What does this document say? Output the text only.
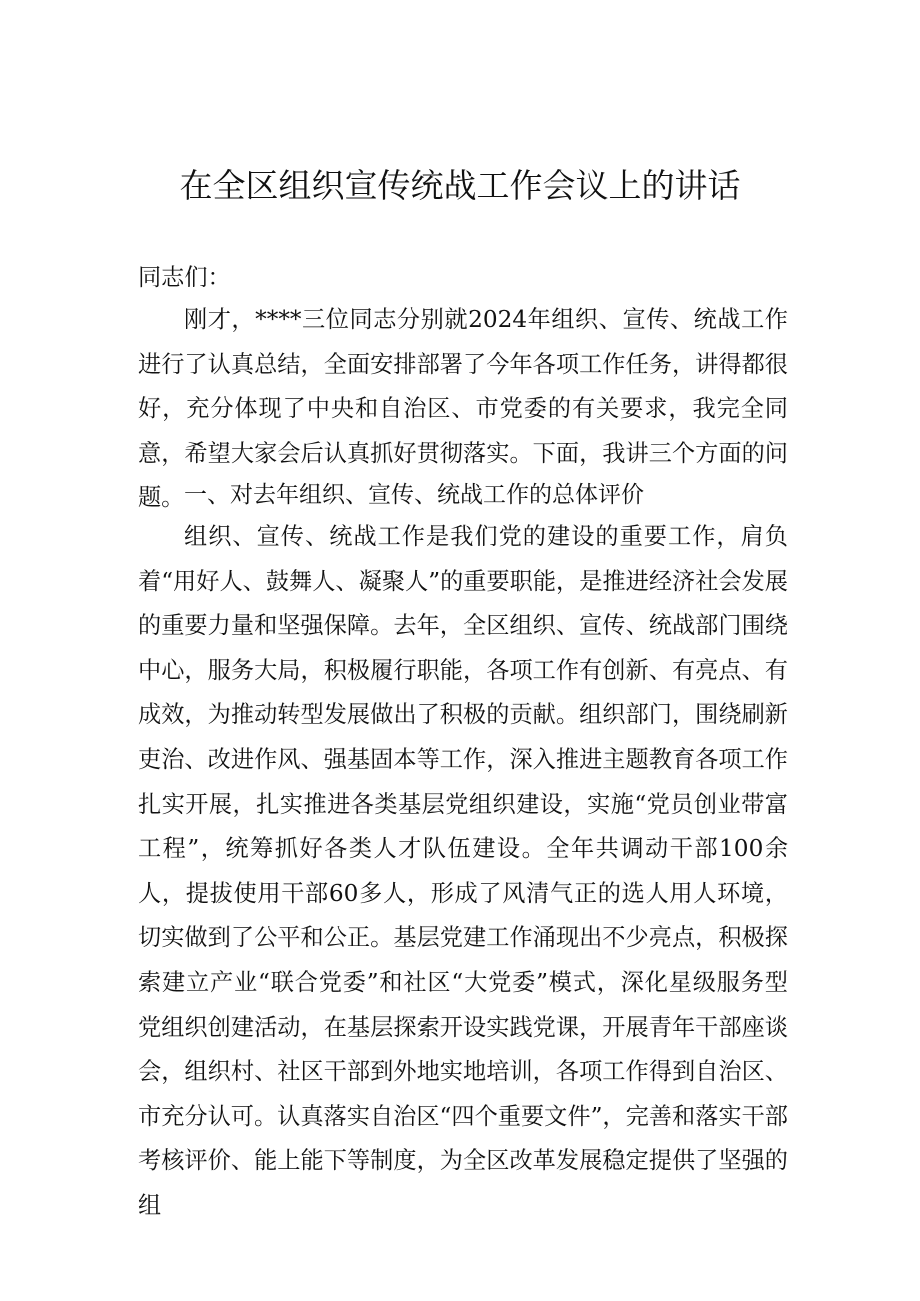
在全区组织宣传统战工作会议上的讲话

同志们：

刚才，****三位同志分别就2024年组织、宣传、统战工作进行了认真总结，全面安排部署了今年各项工作任务，讲得都很好，充分体现了中央和自治区、市党委的有关要求，我完全同意，希望大家会后认真抓好贯彻落实。下面，我讲三个方面的问题。 一、对去年组织、宣传、统战工作的总体评价

组织、宣传、统战工作是我们党的建设的重要工作，肩负着“用好人、鼓舞人、凝聚人”的重要职能，是推进经济社会发展的重要力量和坚强保障。去年，全区组织、宣传、统战部门围绕中心，服务大局，积极履行职能，各项工作有创新、有亮点、有成效，为推动转型发展做出了积极的贡献。组织部门，围绕刷新吏治、改进作风、强基固本等工作，深入推进主题教育各项工作扎实开展，扎实推进各类基层党组织建设，实施“党员创业带富工程”，统筹抓好各类人才队伍建设。全年共调动干部100余人，提拔使用干部60多人，形成了风清气正的选人用人环境，切实做到了公平和公正。基层党建工作涌现出不少亮点，积极探索建立产业“联合党委”和社区“大党委”模式，深化星级服务型党组织创建活动，在基层探索开设实践党课，开展青年干部座谈会，组织村、社区干部到外地实地培训，各项工作得到自治区、市充分认可。认真落实自治区“四个重要文件”，完善和落实干部考核评价、能上能下等制度，为全区改革发展稳定提供了坚强的组
